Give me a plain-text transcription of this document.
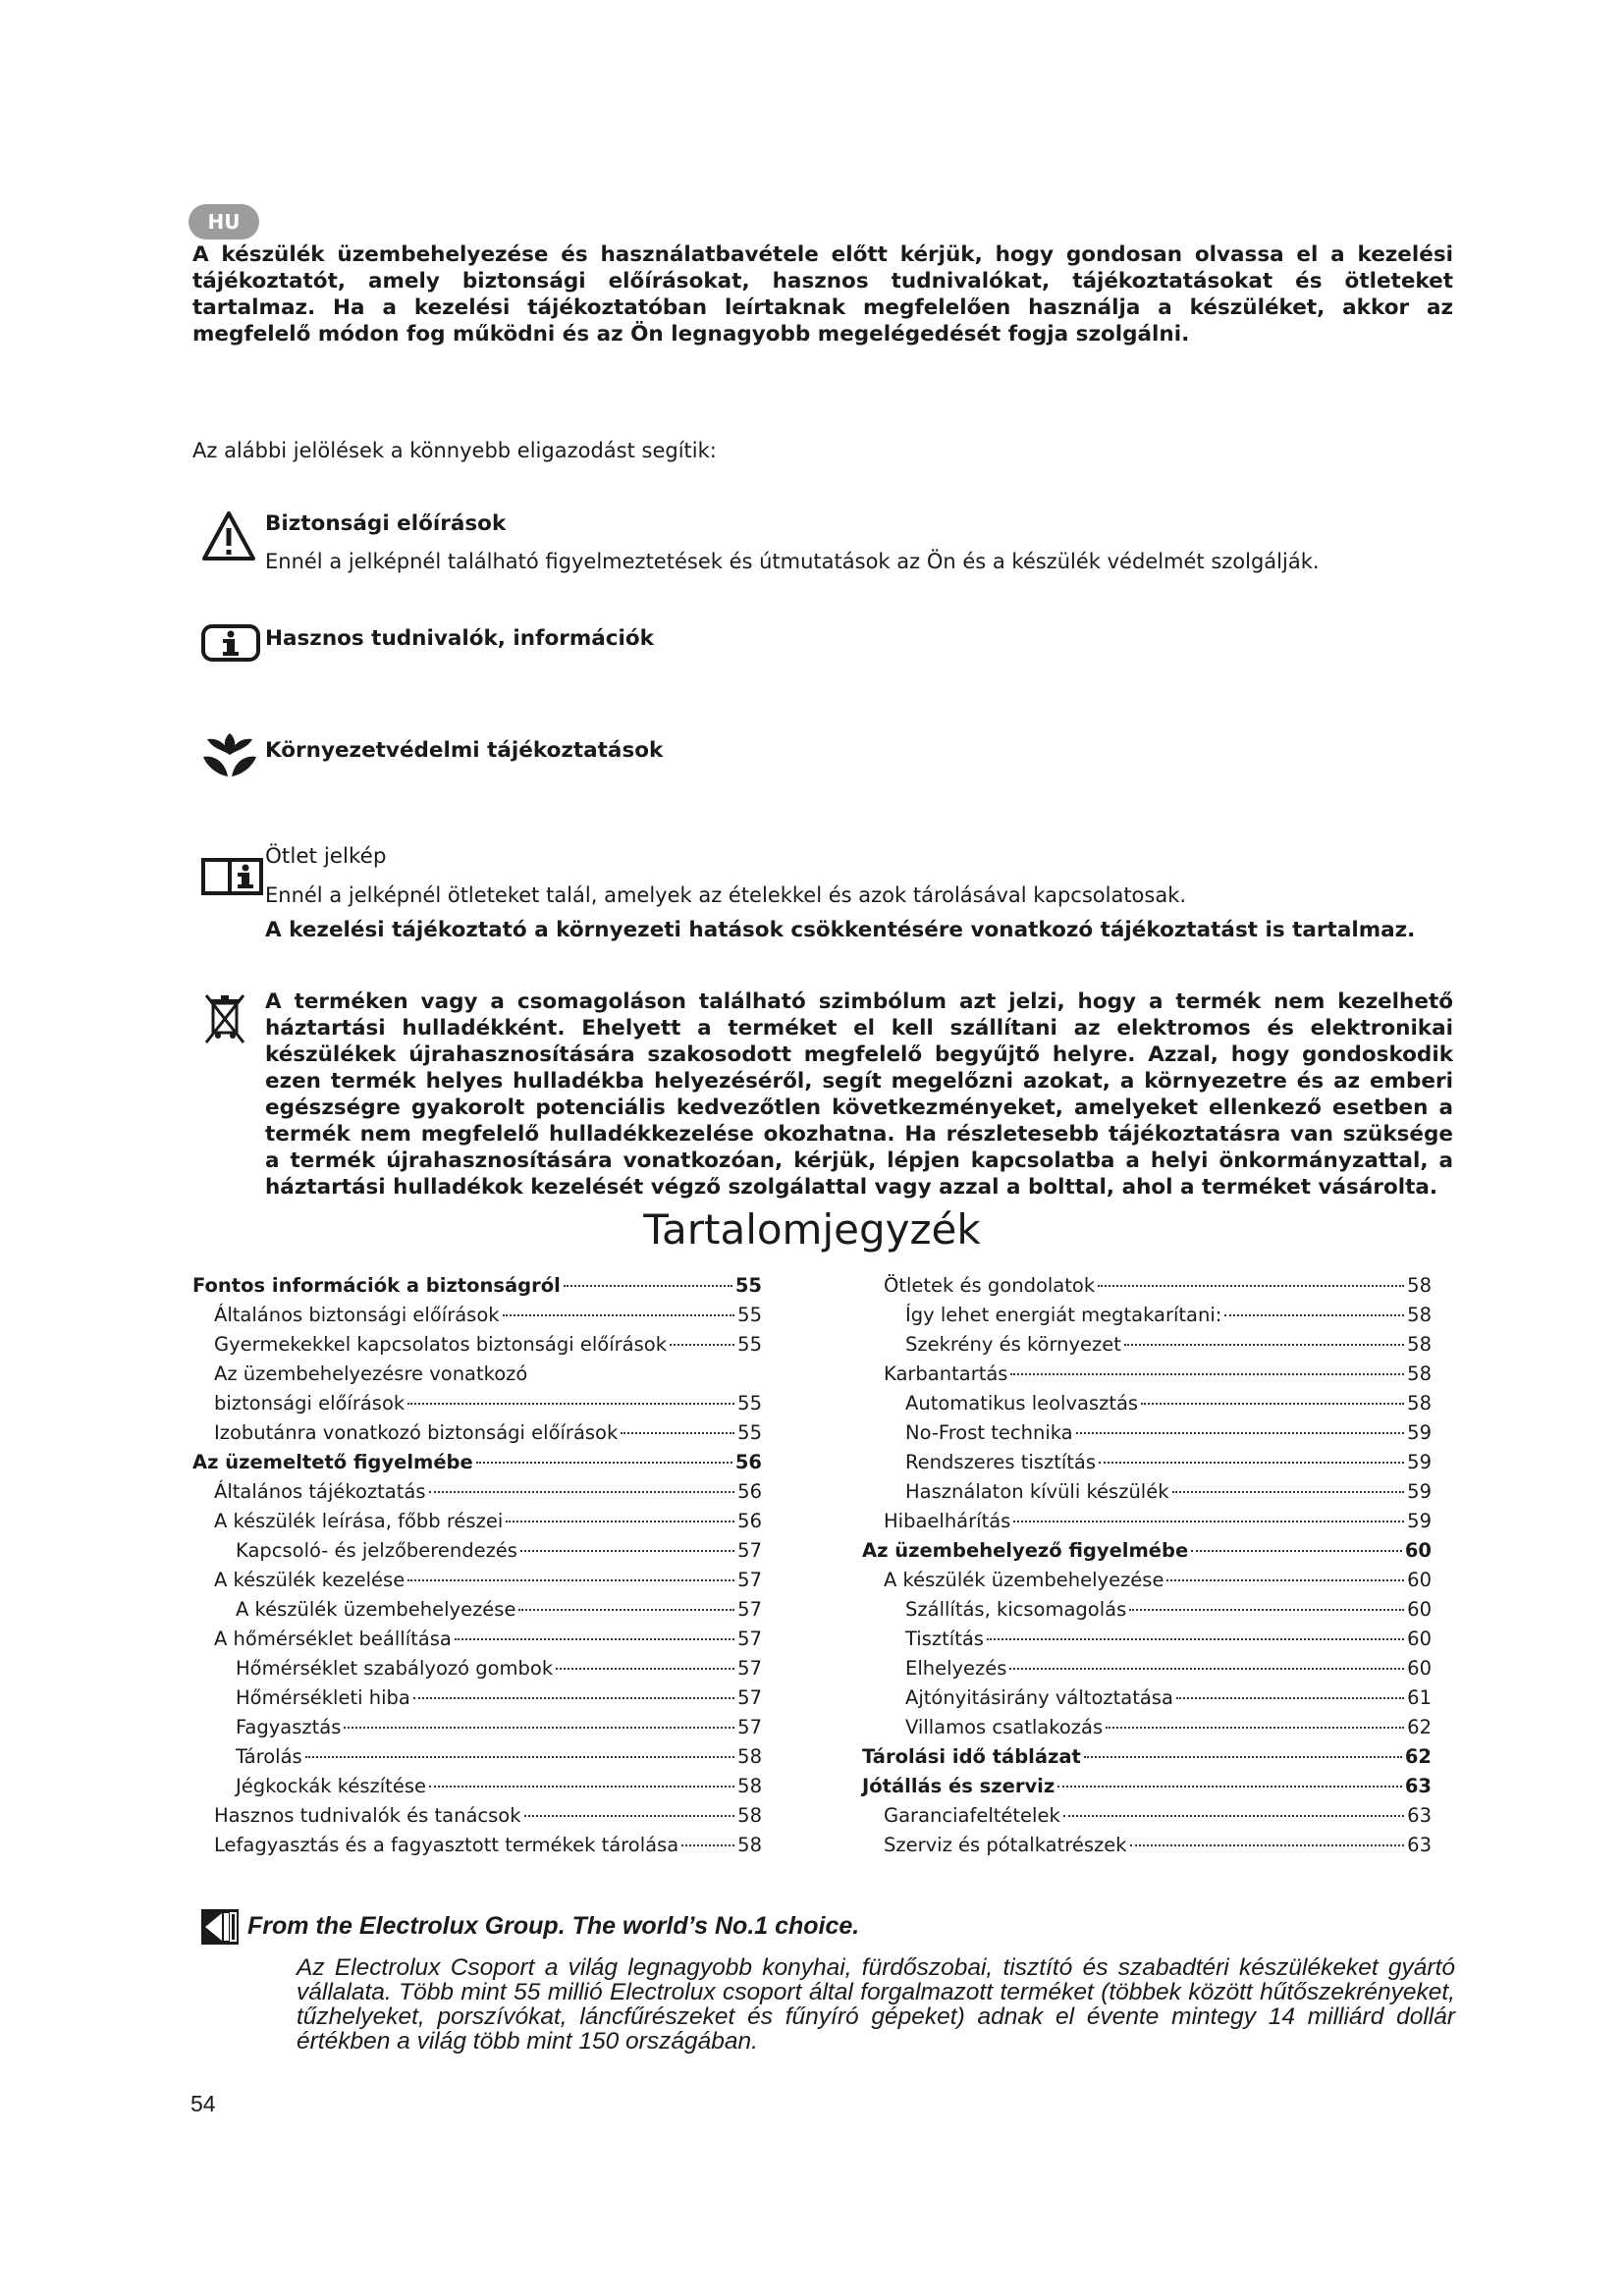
HU
A készülék üzembehelyezése és használatbavétele előtt kérjük, hogy gondosan olvassa el a kezelési tájékoztatót, amely biztonsági előírásokat, hasznos tudnivalókat, tájékoztatásokat és ötleteket tartalmaz. Ha a kezelési tájékoztatóban leírtaknak megfelelően használja a készüléket, akkor az megfelelő módon fog működni és az Ön legnagyobb megelégedését fogja szolgálni.
Az alábbi jelölések a könnyebb eligazodást segítik:
Biztonsági előírások
Ennél a jelképnél található figyelmeztetések és útmutatások az Ön és a készülék védelmét szolgálják.
Hasznos tudnivalók, információk
Környezetvédelmi tájékoztatások
Ötlet jelkép
Ennél a jelképnél ötleteket talál, amelyek az ételekkel és azok tárolásával kapcsolatosak.
A kezelési tájékoztató a környezeti hatások csökkentésére vonatkozó tájékoztatást is tartalmaz.
A terméken vagy a csomagoláson található szimbólum azt jelzi, hogy a termék nem kezelhető háztartási hulladékként. Ehelyett a terméket el kell szállítani az elektromos és elektronikai készülékek újrahasznosítására szakosodott megfelelő begyűjtő helyre. Azzal, hogy gondoskodik ezen termék helyes hulladékba helyezéséről, segít megelőzni azokat, a környezetre és az emberi egészségre gyakorolt potenciális kedvezőtlen következményeket, amelyeket ellenkező esetben a termék nem megfelelő hulladékkezelése okozhatna. Ha részletesebb tájékoztatásra van szüksége a termék újrahasznosítására vonatkozóan, kérjük, lépjen kapcsolatba a helyi önkormányzattal, a háztartási hulladékok kezelését végző szolgálattal vagy azzal a bolttal, ahol a terméket vásárolta.
Tartalomjegyzék
Fontos információk a biztonságról	55
Általános biztonsági előírások	55
Gyermekekkel kapcsolatos biztonsági előírások	55
Az üzembehelyezésre vonatkozó
biztonsági előírások	55
Izobutánra vonatkozó biztonsági előírások	55
Az üzemeltető figyelmébe	56
Általános tájékoztatás	56
A készülék leírása, főbb részei	56
Kapcsoló- és jelzőberendezés	57
A készülék kezelése	57
A készülék üzembehelyezése	57
A hőmérséklet beállítása	57
Hőmérséklet szabályozó gombok	57
Hőmérsékleti hiba	57
Fagyasztás	57
Tárolás	58
Jégkockák készítése	58
Hasznos tudnivalók és tanácsok	58
Lefagyasztás és a fagyasztott termékek tárolása	58
Ötletek és gondolatok	58
Így lehet energiát megtakarítani:	58
Szekrény és környezet	58
Karbantartás	58
Automatikus leolvasztás	58
No-Frost technika	59
Rendszeres tisztítás	59
Használaton kívüli készülék	59
Hibaelhárítás	59
Az üzembehelyező figyelmébe	60
A készülék üzembehelyezése	60
Szállítás, kicsomagolás	60
Tisztítás	60
Elhelyezés	60
Ajtónyitásirány változtatása	61
Villamos csatlakozás	62
Tárolási idő táblázat	62
Jótállás és szerviz	63
Garanciafeltételek	63
Szerviz és pótalkatrészek	63
From the Electrolux Group. The world’s No.1 choice.
Az Electrolux Csoport a világ legnagyobb konyhai, fürdőszobai, tisztító és szabadtéri készülékeket gyártó vállalata. Több mint 55 millió Electrolux csoport által forgalmazott terméket (többek között hűtőszekrényeket, tűzhelyeket, porszívókat, láncfűrészeket és fűnyíró gépeket) adnak el évente mintegy 14 milliárd dollár értékben a világ több mint 150 országában.
54
